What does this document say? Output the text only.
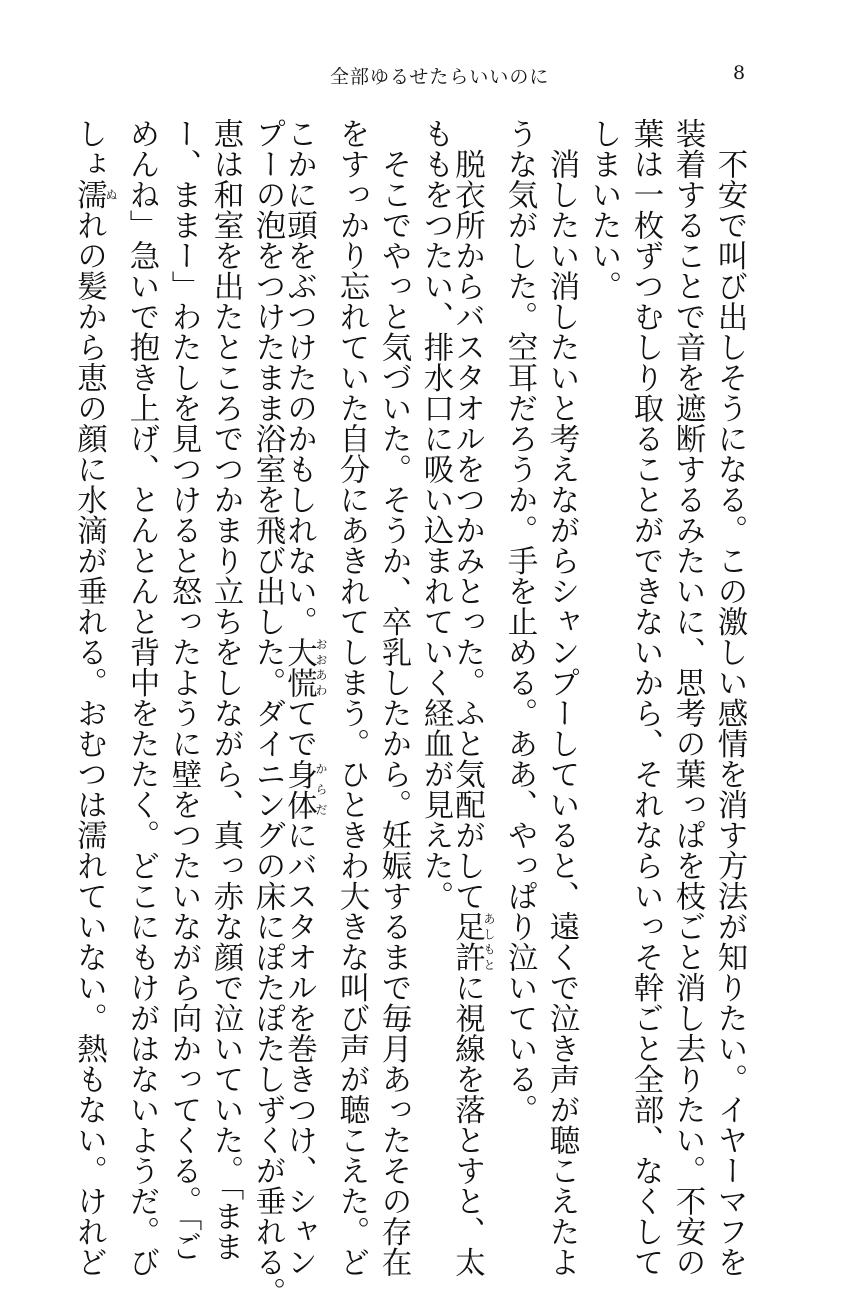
全部ゆるせたらいいのに	8
　不安で叫び出しそうになる。この激しい感情を消す方法が知りたい。イヤーマフを
装着することで音を遮断するみたいに、思考の葉っぱを枝ごと消し去りたい。不安の
葉は一枚ずつむしり取ることができないから、それならいっそ幹ごと全部、なくして
しまいたい。
　消したい消したいと考えながらシャンプーしていると、遠くで泣き声が聴こえたよ
うな気がした。空耳だろうか。手を止める。ああ、やっぱり泣いている。
　脱衣所からバスタオルをつかみとった。ふと気配がして足許あしもとに視線を落とすと、太
ももをつたい、排水口に吸い込まれていく経血が見えた。
　そこでやっと気づいた。そうか、卒乳したから。妊娠するまで毎月あったその存在
をすっかり忘れていた自分にあきれてしまう。ひときわ大きな叫び声が聴こえた。ど
こかに頭をぶつけたのかもしれない。大慌おおあわてで身体からだにバスタオルを巻きつけ、シャン
プーの泡をつけたまま浴室を飛び出した。ダイニングの床にぽたぽたしずくが垂れる。
恵は和室を出たところでつかまり立ちをしながら、真っ赤な顔で泣いていた。「まま
ー、ままー」わたしを見つけると怒ったように壁をつたいながら向かってくる。「ご
めんね」急いで抱き上げ、とんとんと背中をたたく。どこにもけがはないようだ。び
しょ濡ぬれの髪から恵の顔に水滴が垂れる。おむつは濡れていない。熱もない。けれど
